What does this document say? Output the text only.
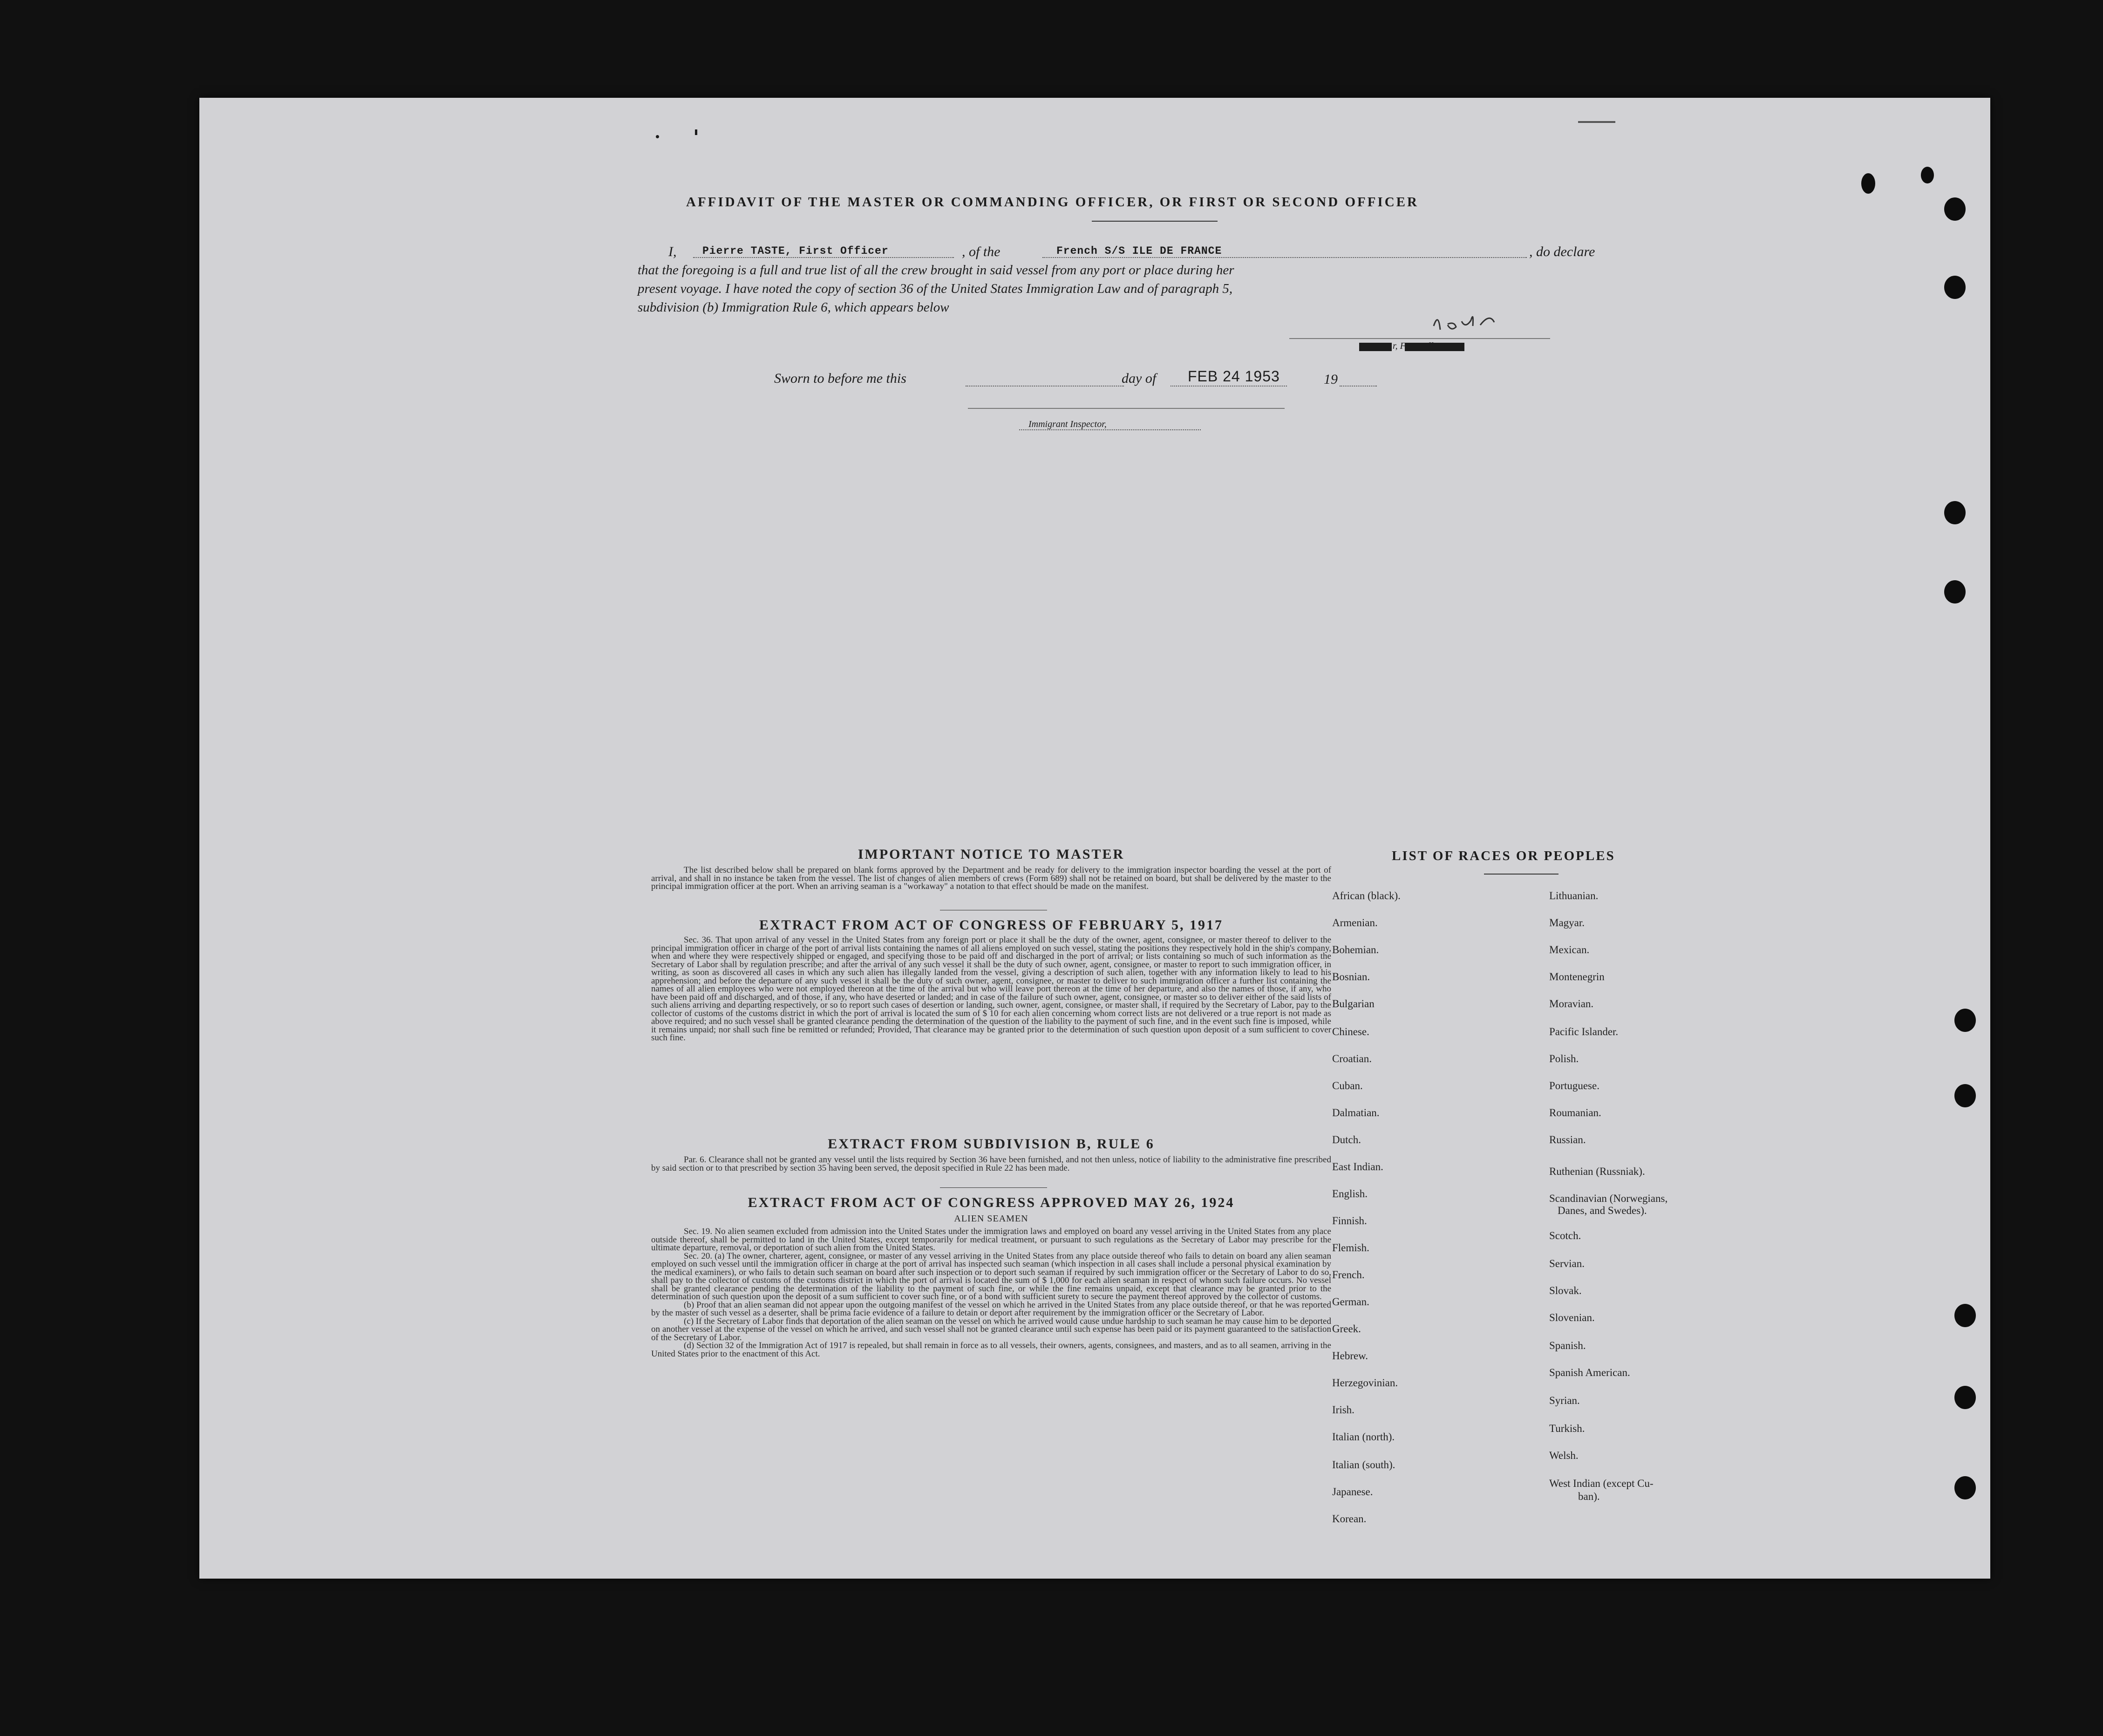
AFFIDAVIT OF THE MASTER OR COMMANDING OFFICER, OR FIRST OR SECOND OFFICER
I, Pierre TASTE, First Officer	, of the	French S/S ILE DE FRANCE	, do declare
that the foregoing is a full and true list of all the crew brought in said vessel from any port or place during her
present voyage. I have noted the copy of section 36 of the United States Immigration Law and of paragraph 5,
subdivision (b) Immigration Rule 6, which appears below
r, First Officer,
Sworn to before me this	day of FEB 24 1953	19
Immigrant Inspector,
IMPORTANT NOTICE TO MASTER

The list described below shall be prepared on blank forms approved by the Department and be ready for delivery to the immigration inspector boarding the vessel at the port of arrival, and shall in no instance be taken from the vessel. The list of changes of alien members of crews (Form 689) shall not be retained on board, but shall be delivered by the master to the principal immigration officer at the port. When an arriving seaman is a "workaway" a notation to that effect should be made on the manifest.

EXTRACT FROM ACT OF CONGRESS OF FEBRUARY 5, 1917

Sec. 36. That upon arrival of any vessel in the United States from any foreign port or place it shall be the duty of the owner, agent, consignee, or master thereof to deliver to the principal immigration officer in charge of the port of arrival lists containing the names of all aliens employed on such vessel, stating the positions they respectively hold in the ship's company, when and where they were respectively shipped or engaged, and specifying those to be paid off and discharged in the port of arrival; or lists containing so much of such information as the Secretary of Labor shall by regulation prescribe; and after the arrival of any such vessel it shall be the duty of such owner, agent, consignee, or master to report to such immigration officer, in writing, as soon as discovered all cases in which any such alien has illegally landed from the vessel, giving a description of such alien, together with any information likely to lead to his apprehension; and before the departure of any such vessel it shall be the duty of such owner, agent, consignee, or master to deliver to such immigration officer a further list containing the names of all alien employees who were not employed thereon at the time of the arrival but who will leave port thereon at the time of her departure, and also the names of those, if any, who have been paid off and discharged, and of those, if any, who have deserted or landed; and in case of the failure of such owner, agent, consignee, or master so to deliver either of the said lists of such aliens arriving and departing respectively, or so to report such cases of desertion or landing, such owner, agent, consignee, or master shall, if required by the Secretary of Labor, pay to the collector of customs of the customs district in which the port of arrival is located the sum of $ 10 for each alien concerning whom correct lists are not delivered or a true report is not made as above required; and no such vessel shall be granted clearance pending the determination of the question of the liability to the payment of such fine, and in the event such fine is imposed, while it remains unpaid; nor shall such fine be remitted or refunded; Provided, That clearance may be granted prior to the determination of such question upon deposit of a sum sufficient to cover such fine.

EXTRACT FROM SUBDIVISION B, RULE 6

Par. 6. Clearance shall not be granted any vessel until the lists required by Section 36 have been furnished, and not then unless, notice of liability to the administrative fine prescribed by said section or to that prescribed by section 35 having been served, the deposit specified in Rule 22 has been made.

EXTRACT FROM ACT OF CONGRESS APPROVED MAY 26, 1924
ALIEN SEAMEN

Sec. 19. No alien seamen excluded from admission into the United States under the immigration laws and employed on board any vessel arriving in the United States from any place outside thereof, shall be permitted to land in the United States, except temporarily for medical treatment, or pursuant to such regulations as the Secretary of Labor may prescribe for the ultimate departure, removal, or deportation of such alien from the United States.

Sec. 20. (a) The owner, charterer, agent, consignee, or master of any vessel arriving in the United States from any place outside thereof who fails to detain on board any alien seaman employed on such vessel until the immigration officer in charge at the port of arrival has inspected such seaman (which inspection in all cases shall include a personal physical examination by the medical examiners), or who fails to detain such seaman on board after such inspection or to deport such seaman if required by such immigration officer or the Secretary of Labor to do so, shall pay to the collector of customs of the customs district in which the port of arrival is located the sum of $ 1,000 for each alien seaman in respect of whom such failure occurs. No vessel shall be granted clearance pending the determination of the liability to the payment of such fine, or while the fine remains unpaid, except that clearance may be granted prior to the determination of such question upon the deposit of a sum sufficient to cover such fine, or of a bond with sufficient surety to secure the payment thereof approved by the collector of customs.

(b) Proof that an alien seaman did not appear upon the outgoing manifest of the vessel on which he arrived in the United States from any place outside thereof, or that he was reported by the master of such vessel as a deserter, shall be prima facie evidence of a failure to detain or deport after requirement by the immigration officer or the Secretary of Labor.

(c) If the Secretary of Labor finds that deportation of the alien seaman on the vessel on which he arrived would cause undue hardship to such seaman he may cause him to be deported on another vessel at the expense of the vessel on which he arrived, and such vessel shall not be granted clearance until such expense has been paid or its payment guaranteed to the satisfaction of the Secretary of Labor.

(d) Section 32 of the Immigration Act of 1917 is repealed, but shall remain in force as to all vessels, their owners, agents, consignees, and masters, and as to all seamen, arriving in the United States prior to the enactment of this Act.

LIST OF RACES OR PEOPLES
African (black).
Armenian.
Bohemian.
Bosnian.
Bulgarian
Chinese.
Croatian.
Cuban.
Dalmatian.
Dutch.
East Indian.
English.
Finnish.
Flemish.
French.
German.
Greek.
Hebrew.
Herzegovinian.
Irish.
Italian (north).
Italian (south).
Japanese.
Korean.
Lithuanian.
Magyar.
Mexican.
Montenegrin
Moravian.
Pacific Islander.
Polish.
Portuguese.
Roumanian.
Russian.
Ruthenian (Russniak).
Scandinavian (Norwegians,
Danes, and Swedes).
Scotch.
Servian.
Slovak.
Slovenian.
Spanish.
Spanish American.
Syrian.
Turkish.
Welsh.
West Indian (except Cu-
ban).
